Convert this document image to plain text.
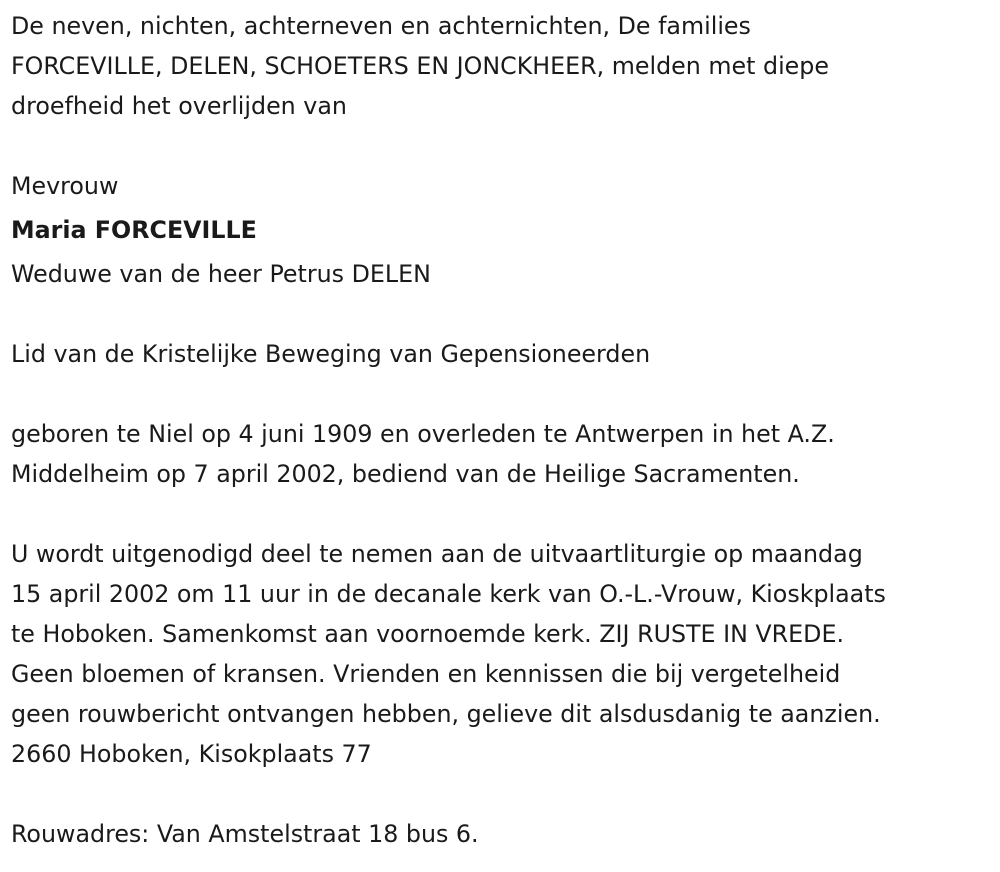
De neven, nichten, achterneven en achternichten, De families
FORCEVILLE, DELEN, SCHOETERS EN JONCKHEER, melden met diepe
droefheid het overlijden van
Mevrouw
Maria FORCEVILLE
Weduwe van de heer Petrus DELEN
Lid van de Kristelijke Beweging van Gepensioneerden
geboren te Niel op 4 juni 1909 en overleden te Antwerpen in het A.Z.
Middelheim op 7 april 2002, bediend van de Heilige Sacramenten.
U wordt uitgenodigd deel te nemen aan de uitvaartliturgie op maandag
15 april 2002 om 11 uur in de decanale kerk van O.-L.-Vrouw, Kioskplaats
te Hoboken. Samenkomst aan voornoemde kerk. ZIJ RUSTE IN VREDE.
Geen bloemen of kransen. Vrienden en kennissen die bij vergetelheid
geen rouwbericht ontvangen hebben, gelieve dit alsdusdanig te aanzien.
2660 Hoboken, Kisokplaats 77
Rouwadres: Van Amstelstraat 18 bus 6.
